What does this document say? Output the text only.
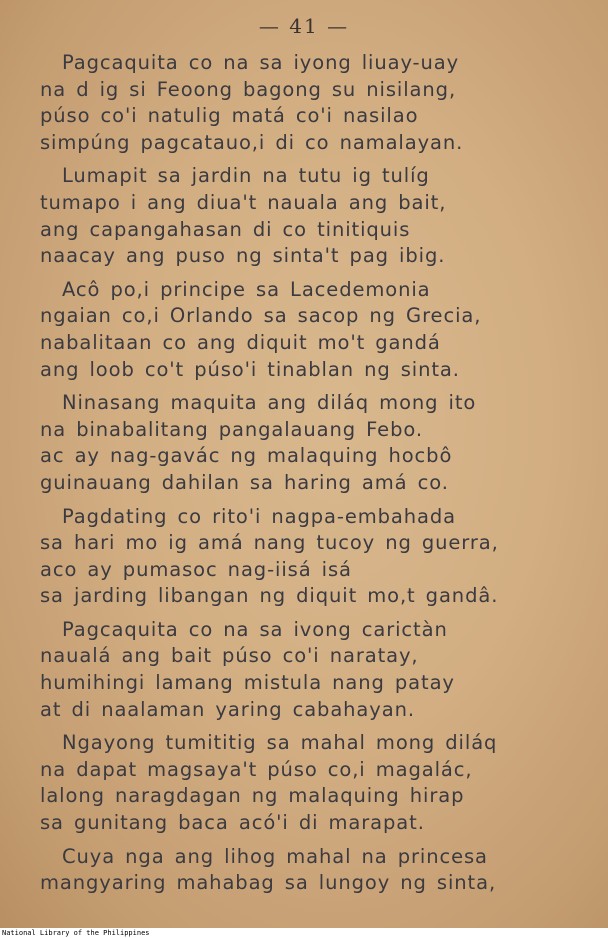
— 41 —
Pagcaquita co na sa iyong liuay-uay
na d ig si Feoong bagong su nisilang,
púso co'i natulig matá co'i nasilao
simpúng pagcatauo,i di co namalayan.
Lumapit sa jardin na tutu ig tulíg
tumapo i ang diua't nauala ang bait,
ang capangahasan di co tinitiquis
naacay ang puso ng sinta't pag ibig.
Acô po,i principe sa Lacedemonia
ngaian co,i Orlando sa sacop ng Grecia,
nabalitaan co ang diquit mo't gandá
ang loob co't púso'i tinablan ng sinta.
Ninasang maquita ang diláq mong ito
na binabalitang pangalauang Febo.
ac ay nag-gavác ng malaquing hocbô
guinauang dahilan sa haring amá co.
Pagdating co rito'i nagpa-embahada
sa hari mo ig amá nang tucoy ng guerra,
aco ay pumasoc nag-iisá isá
sa jarding libangan ng diquit mo,t gandâ.
Pagcaquita co na sa ivong carictàn
naualá ang bait púso co'i naratay,
humihingi lamang mistula nang patay
at di naalaman yaring cabahayan.
Ngayong tumititig sa mahal mong diláq
na dapat magsaya't púso co,i magalác,
lalong naragdagan ng malaquing hirap
sa gunitang baca acó'i di marapat.
Cuya nga ang lihog mahal na princesa
mangyaring mahabag sa lungoy ng sinta,
National Library of the Philippines
